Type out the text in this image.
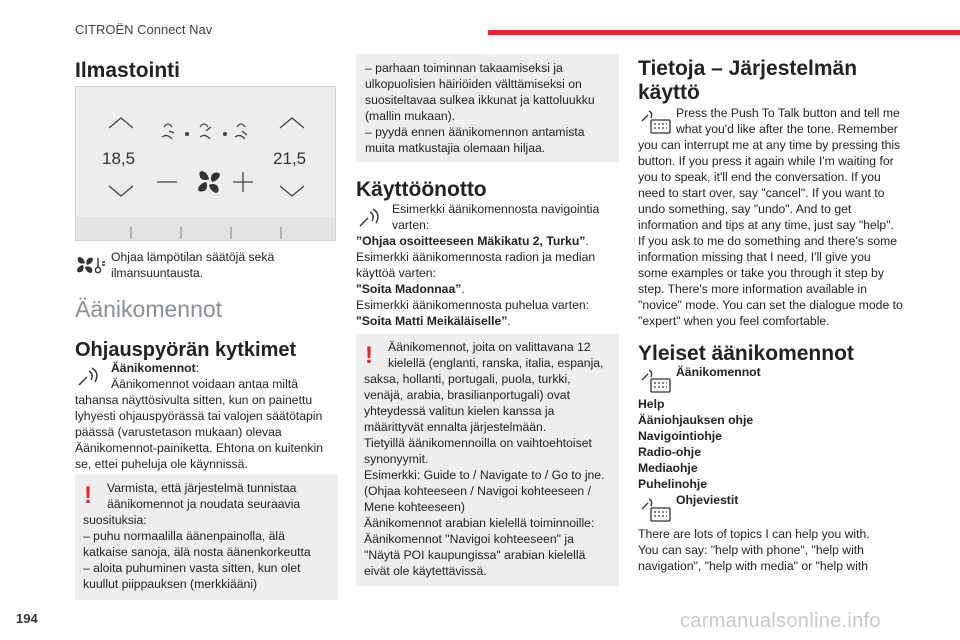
CITROËN Connect Nav
Ilmastointi
18,5	21,5
Ohjaa lämpötilan säätöjä sekä ilmansuuntausta.
Äänikomennot
Ohjauspyörän kytkimet
Äänikomennot:
Äänikomennot voidaan antaa miltä
tahansa näyttösivulta sitten, kun on painettu
lyhyesti ohjauspyörässä tai valojen säätötapin
päässä (varustetason mukaan) olevaa
Äänikomennot-painiketta. Ehtona on kuitenkin
se, ettei puheluja ole käynnissä.
! Varmista, että järjestelmä tunnistaa
äänikomennot ja noudata seuraavia
suosituksia:
– puhu normaalilla äänenpainolla, älä
katkaise sanoja, älä nosta äänenkorkeutta
– aloita puhuminen vasta sitten, kun olet
kuullut piippauksen (merkkiääni)
– parhaan toiminnan takaamiseksi ja
ulkopuolisien häiriöiden välttämiseksi on
suositeltavaa sulkea ikkunat ja kattoluukku
(mallin mukaan).
– pyydä ennen äänikomennon antamista
muita matkustajia olemaan hiljaa.
Käyttöönotto
Esimerkki äänikomennosta navigointia
varten:
”Ohjaa osoitteeseen Mäkikatu 2, Turku”.
Esimerkki äänikomennosta radion ja median käyttöä varten:
"Soita Madonnaa”.
Esimerkki äänikomennosta puhelua varten:
"Soita Matti Meikäläiselle”.
! Äänikomennot, joita on valittavana 12
kielellä (englanti, ranska, italia, espanja,
saksa, hollanti, portugali, puola, turkki,
venäjä, arabia, brasilianportugali) ovat
yhteydessä valitun kielen kanssa ja
määrittyvät ennalta järjestelmään.
Tietyillä äänikomennoilla on vaihtoehtoiset
synonyymit.
Esimerkki: Guide to / Navigate to / Go to jne.
(Ohjaa kohteeseen / Navigoi kohteeseen /
Mene kohteeseen)
Äänikomennot arabian kielellä toiminnoille:
Äänikomennot "Navigoi kohteeseen" ja
"Näytä POI kaupungissa" arabian kielellä
eivät ole käytettävissä.
Tietoja – Järjestelmän
käyttö
Press the Push To Talk button and tell me
what you'd like after the tone. Remember
you can interrupt me at any time by pressing this
button. If you press it again while I'm waiting for
you to speak, it'll end the conversation. If you
need to start over, say "cancel". If you want to
undo something, say "undo". And to get
information and tips at any time, just say "help".
If you ask to me do something and there's some
information missing that I need, I'll give you
some examples or take you through it step by
step. There's more information available in
"novice" mode. You can set the dialogue mode to
"expert" when you feel comfortable.
Yleiset äänikomennot
Äänikomennot
Help
Ääniohjauksen ohje
Navigointiohje
Radio-ohje
Mediaohje
Puhelinohje
Ohjeviestit
There are lots of topics I can help you with.
You can say: "help with phone", "help with
navigation", "help with media" or "help with
194	carmanualsonline.info
